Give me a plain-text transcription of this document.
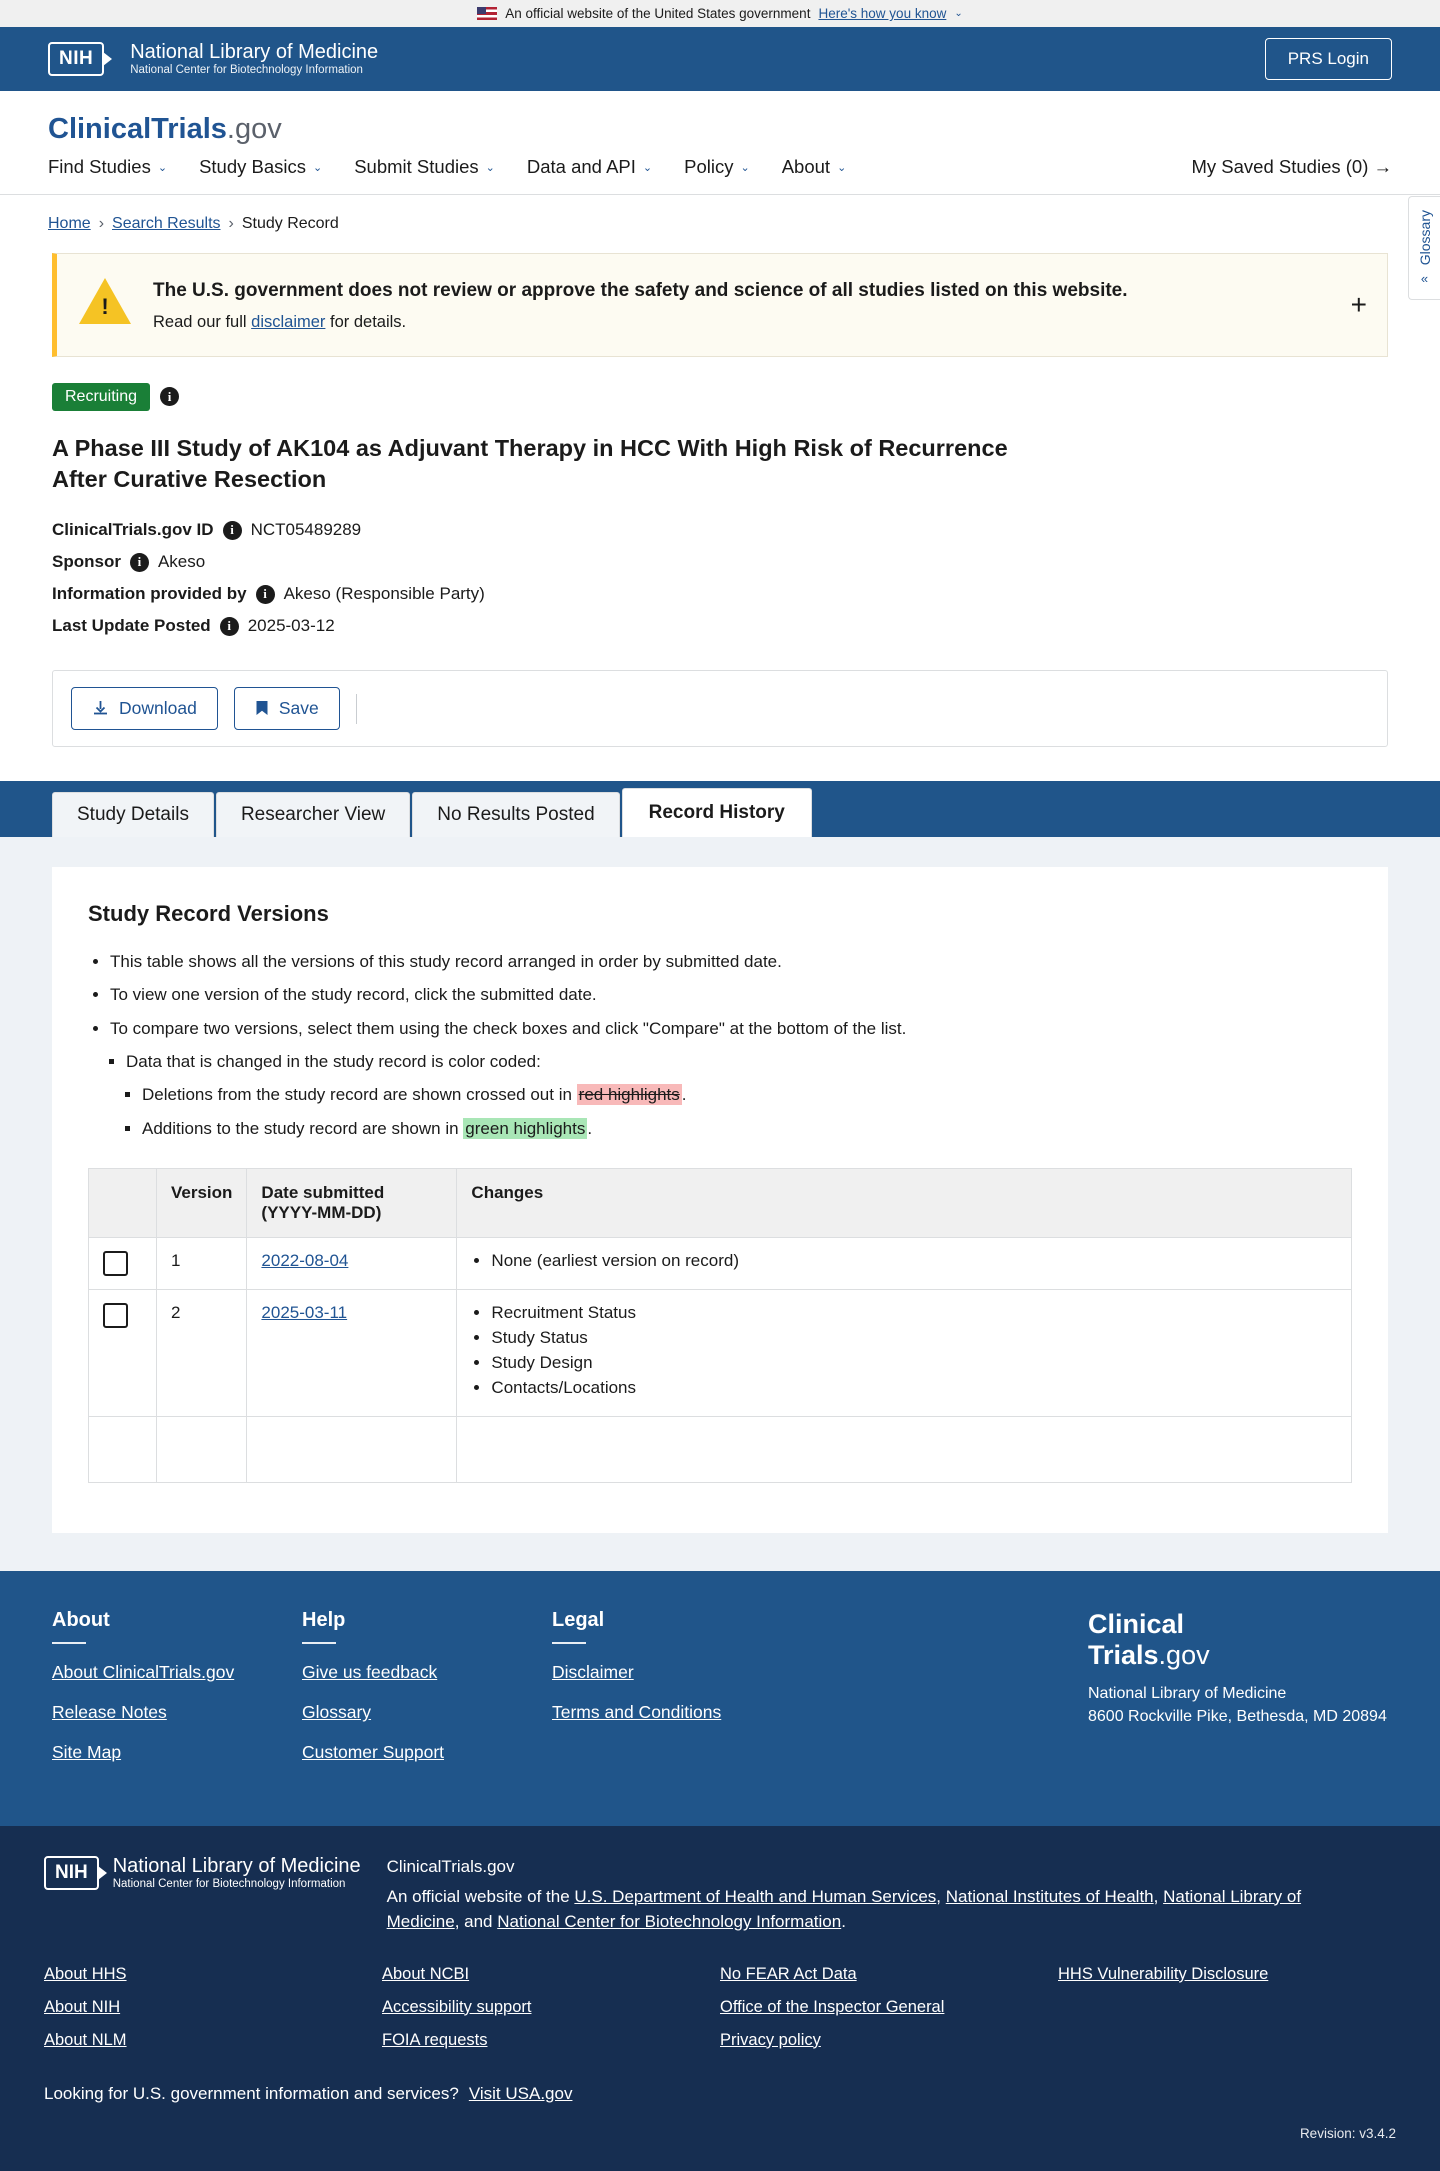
An official website of the United States government Here's how you know ⌄
NIH	National Library of Medicine
National Center for Biotechnology Information
PRS Login
ClinicalTrials.gov
Find Studies ⌄ Study Basics ⌄ Submit Studies ⌄ Data and API ⌄ Policy ⌄ About ⌄	My Saved Studies (0) →
Home › Search Results › Study Record	Glossary
«
!
The U.S. government does not review or approve the safety and science of all studies listed on this website.
Read our full disclaimer for details.
+
Recruiting	i
A Phase III Study of AK104 as Adjuvant Therapy in HCC With High Risk of Recurrence After Curative Resection
ClinicalTrials.gov ID	i NCT05489289
Sponsor	i Akeso
Information provided by	i Akeso (Responsible Party)
Last Update Posted	i 2025-03-12
Download	Save
Study Details	Researcher View	No Results Posted	Record History
Study Record Versions
• This table shows all the versions of this study record arranged in order by submitted date.
• To view one version of the study record, click the submitted date.
• To compare two versions, select them using the check boxes and click "Compare" at the bottom of the list.
▪ Data that is changed in the study record is color coded:
▪ Deletions from the study record are shown crossed out in red highlights .
▪ Additions to the study record are shown in green highlights .
	Version	Date submitted
(YYYY-MM-DD)	Changes

	1	2022-08-04	
•None (earliest version on record)

	2	2025-03-11	
•Recruitment Status
• Study Status
• Study Design
• Contacts/Locations

About
About ClinicalTrials.gov
Release Notes
Site Map
Help
Give us feedback
Glossary
Customer Support
Legal
Disclaimer
Terms and Conditions
Clinical
Trials.gov
National Library of Medicine
8600 Rockville Pike, Bethesda, MD 20894
NIH	National Library of Medicine
National Center for Biotechnology Information
ClinicalTrials.gov
An official website of the U.S. Department of Health and Human Services, National Institutes of Health, National Library of Medicine, and National Center for Biotechnology Information.
About HHS
About NIH
About NLM
About NCBI
Accessibility support
FOIA requests
No FEAR Act Data
Office of the Inspector General
Privacy policy
HHS Vulnerability Disclosure
Looking for U.S. government information and services? Visit USA.gov
Revision: v3.4.2
